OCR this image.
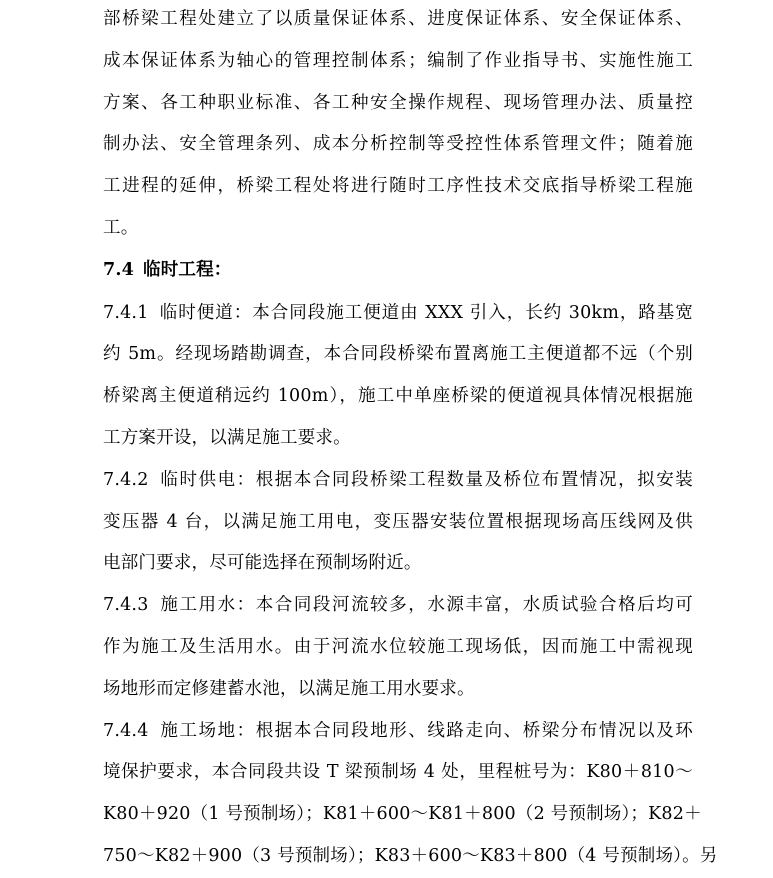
部桥梁工程处建立了以质量保证体系、进度保证体系、安全保证体系、
成本保证体系为轴心的管理控制体系；编制了作业指导书、实施性施工
方案、各工种职业标准、各工种安全操作规程、现场管理办法、质量控
制办法、安全管理条列、成本分析控制等受控性体系管理文件；随着施
工进程的延伸，桥梁工程处将进行随时工序性技术交底指导桥梁工程施
工。
7.4 临时工程：
7.4.1 临时便道：本合同段施工便道由 XXX 引入，长约 30km，路基宽
约 5m。经现场踏勘调查，本合同段桥梁布置离施工主便道都不远（个别
桥梁离主便道稍远约 100m），施工中单座桥梁的便道视具体情况根据施
工方案开设，以满足施工要求。
7.4.2 临时供电：根据本合同段桥梁工程数量及桥位布置情况，拟安装
变压器 4 台，以满足施工用电，变压器安装位置根据现场高压线网及供
电部门要求，尽可能选择在预制场附近。
7.4.3 施工用水：本合同段河流较多，水源丰富，水质试验合格后均可
作为施工及生活用水。由于河流水位较施工现场低，因而施工中需视现
场地形而定修建蓄水池，以满足施工用水要求。
7.4.4 施工场地：根据本合同段地形、线路走向、桥梁分布情况以及环
境保护要求，本合同段共设 T 梁预制场 4 处，里程桩号为：K80＋810～
K80＋920（1 号预制场）；K81＋600～K81＋800（2 号预制场）；K82＋
750～K82＋900（3 号预制场）；K83＋600～K83＋800（4 号预制场）。另
